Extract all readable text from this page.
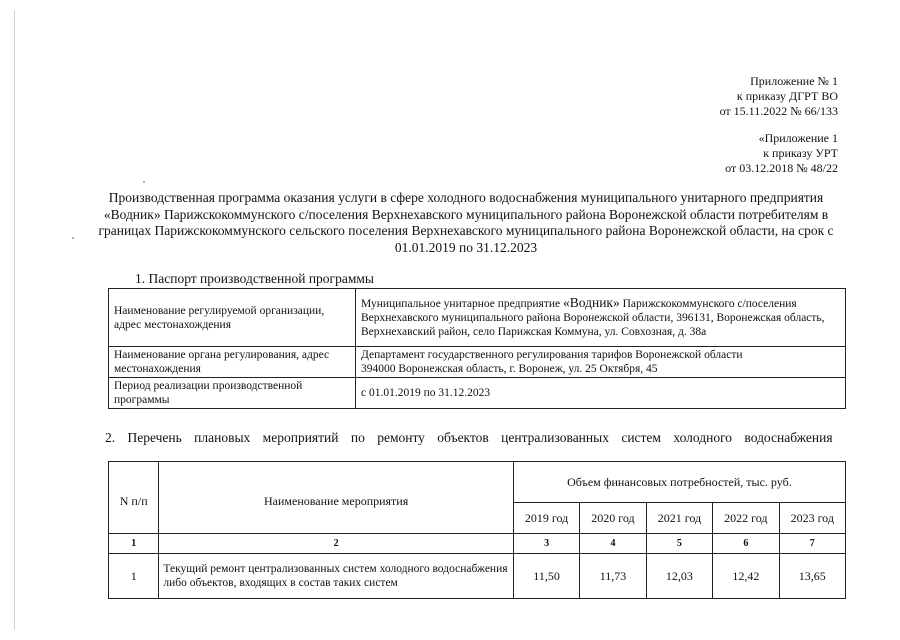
Приложение № 1
к приказу ДГРТ ВО
от 15.11.2022 № 66/133
«Приложение 1
к приказу УРТ
от 03.12.2018 № 48/22
Производственная программа оказания услуги в сфере холодного водоснабжения муниципального унитарного предприятия «Водник» Парижскокоммунского с/поселения Верхнехавского муниципального района Воронежской области потребителям в границах Парижскокоммунского сельского поселения Верхнехавского муниципального района Воронежской области, на срок с 01.01.2019 по 31.12.2023
1. Паспорт производственной программы
Наименование регулируемой организации, адрес местонахождения	Муниципальное унитарное предприятие «Водник» Парижскокоммунского с/поселения Верхнехавского муниципального района Воронежской области, 396131, Воронежская область, Верхнехавский район, село Парижская Коммуна, ул. Совхозная, д. 38а
Наименование органа регулирования, адрес местонахождения	Департамент государственного регулирования тарифов Воронежской области
394000 Воронежская область, г. Воронеж, ул. 25 Октября, 45

Период реализации производственной программы	с 01.01.2019 по 31.12.2023
2. Перечень плановых мероприятий по ремонту объектов централизованных систем холодного водоснабжения
N п/п	Наименование мероприятия	Объем финансовых потребностей, тыс. руб.				
		2019 год	2020 год	2021 год	2022 год	2023 год
1	2	3	4	5	6	7
1	Текущий ремонт централизованных систем холодного водоснабжения либо объектов, входящих в состав таких систем	11,50	11,73	12,03	12,42	13,65
